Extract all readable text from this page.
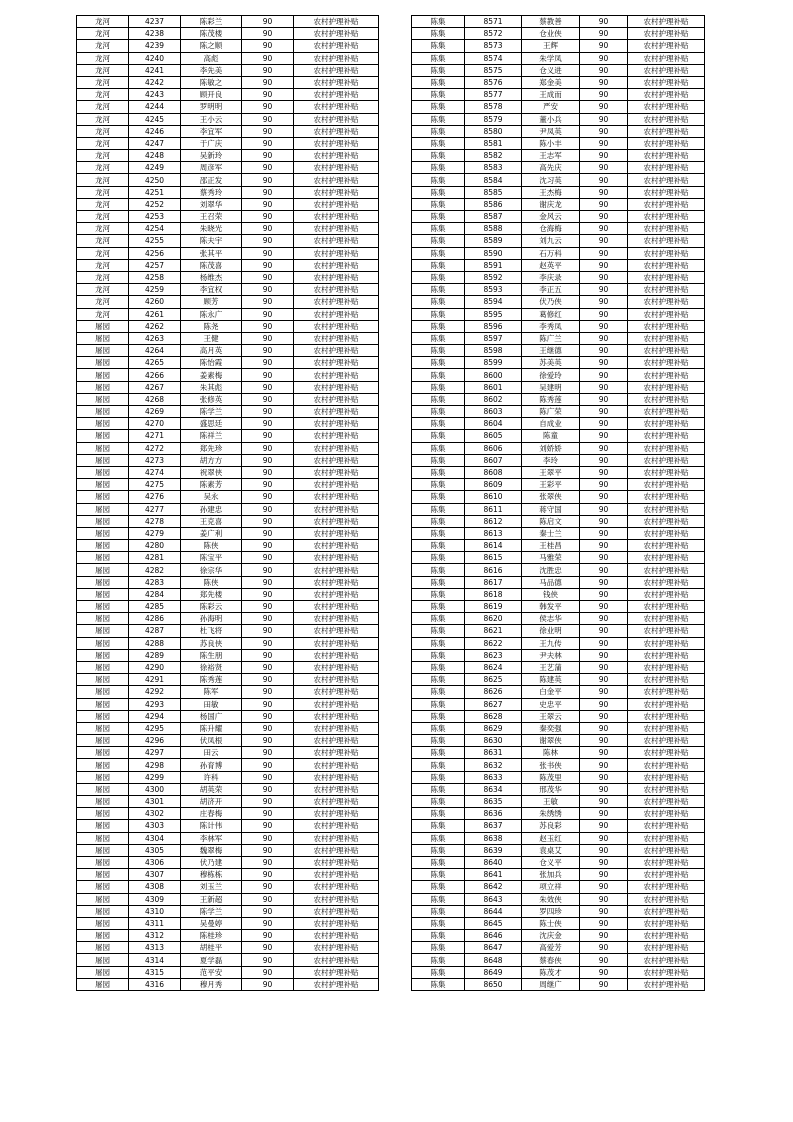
龙河	4237	陈彩兰	90	农村护理补贴
龙河	4238	陈茂楼	90	农村护理补贴
龙河	4239	陈之顺	90	农村护理补贴
龙河	4240	高彪	90	农村护理补贴
龙河	4241	李先美	90	农村护理补贴
龙河	4242	陈敏之	90	农村护理补贴
龙河	4243	顾开良	90	农村护理补贴
龙河	4244	罗明明	90	农村护理补贴
龙河	4245	王小云	90	农村护理补贴
龙河	4246	李宜军	90	农村护理补贴
龙河	4247	于广庆	90	农村护理补贴
龙河	4248	吴新玲	90	农村护理补贴
龙河	4249	周彦军	90	农村护理补贴
龙河	4250	邵正发	90	农村护理补贴
龙河	4251	蔡秀玲	90	农村护理补贴
龙河	4252	刘翠华	90	农村护理补贴
龙河	4253	王召荣	90	农村护理补贴
龙河	4254	朱晓光	90	农村护理补贴
龙河	4255	陈夫宇	90	农村护理补贴
龙河	4256	张其平	90	农村护理补贴
龙河	4257	陈茂喜	90	农村护理补贴
龙河	4258	杨维杰	90	农村护理补贴
龙河	4259	李宜权	90	农村护理补贴
龙河	4260	顾芳	90	农村护理补贴
龙河	4261	陈永广	90	农村护理补贴
屠园	4262	陈尧	90	农村护理补贴
屠园	4263	王健	90	农村护理补贴
屠园	4264	高月英	90	农村护理补贴
屠园	4265	陈怡霞	90	农村护理补贴
屠园	4266	姜素梅	90	农村护理补贴
屠园	4267	朱其彪	90	农村护理补贴
屠园	4268	张修英	90	农村护理补贴
屠园	4269	陈学兰	90	农村护理补贴
屠园	4270	盛思廷	90	农村护理补贴
屠园	4271	陈祥兰	90	农村护理补贴
屠园	4272	郑先珍	90	农村护理补贴
屠园	4273	胡方方	90	农村护理补贴
屠园	4274	祝翠侠	90	农村护理补贴
屠园	4275	陈素芳	90	农村护理补贴
屠园	4276	吴永	90	农村护理补贴
屠园	4277	孙建忠	90	农村护理补贴
屠园	4278	王克喜	90	农村护理补贴
屠园	4279	姜广利	90	农村护理补贴
屠园	4280	陈侠	90	农村护理补贴
屠园	4281	陈宝平	90	农村护理补贴
屠园	4282	徐宗华	90	农村护理补贴
屠园	4283	陈侠	90	农村护理补贴
屠园	4284	郑先楼	90	农村护理补贴
屠园	4285	陈彩云	90	农村护理补贴
屠园	4286	孙海明	90	农村护理补贴
屠园	4287	杜飞将	90	农村护理补贴
屠园	4288	苏良侠	90	农村护理补贴
屠园	4289	陈生朋	90	农村护理补贴
屠园	4290	徐裕贤	90	农村护理补贴
屠园	4291	陈秀莲	90	农村护理补贴
屠园	4292	陈军	90	农村护理补贴
屠园	4293	田敏	90	农村护理补贴
屠园	4294	杨国广	90	农村护理补贴
屠园	4295	陈升耀	90	农村护理补贴
屠园	4296	伏凤根	90	农村护理补贴
屠园	4297	田云	90	农村护理补贴
屠园	4298	孙育博	90	农村护理补贴
屠园	4299	许科	90	农村护理补贴
屠园	4300	胡英荣	90	农村护理补贴
屠园	4301	胡济开	90	农村护理补贴
屠园	4302	庄春梅	90	农村护理补贴
屠园	4303	陈计伟	90	农村护理补贴
屠园	4304	李林军	90	农村护理补贴
屠园	4305	魏翠梅	90	农村护理补贴
屠园	4306	伏乃建	90	农村护理补贴
屠园	4307	穆栋栋	90	农村护理补贴
屠园	4308	刘玉兰	90	农村护理补贴
屠园	4309	王新超	90	农村护理补贴
屠园	4310	陈学兰	90	农村护理补贴
屠园	4311	吴曼婷	90	农村护理补贴
屠园	4312	陈桂珍	90	农村护理补贴
屠园	4313	胡桂平	90	农村护理补贴
屠园	4314	夏学磊	90	农村护理补贴
屠园	4315	范平安	90	农村护理补贴
屠园	4316	穆月秀	90	农村护理补贴
陈集	8571	蔡教善	90	农村护理补贴
陈集	8572	仓业侠	90	农村护理补贴
陈集	8573	王辉	90	农村护理补贴
陈集	8574	朱学凤	90	农村护理补贴
陈集	8575	仓义进	90	农村护理补贴
陈集	8576	郑金美	90	农村护理补贴
陈集	8577	王成而	90	农村护理补贴
陈集	8578	严安	90	农村护理补贴
陈集	8579	董小兵	90	农村护理补贴
陈集	8580	尹凤英	90	农村护理补贴
陈集	8581	陈小丰	90	农村护理补贴
陈集	8582	王志军	90	农村护理补贴
陈集	8583	高先庆	90	农村护理补贴
陈集	8584	沈习英	90	农村护理补贴
陈集	8585	王杰梅	90	农村护理补贴
陈集	8586	谢庆龙	90	农村护理补贴
陈集	8587	金风云	90	农村护理补贴
陈集	8588	仓海梅	90	农村护理补贴
陈集	8589	刘九云	90	农村护理补贴
陈集	8590	石万科	90	农村护理补贴
陈集	8591	赵英平	90	农村护理补贴
陈集	8592	李庆录	90	农村护理补贴
陈集	8593	李正五	90	农村护理补贴
陈集	8594	伏乃侠	90	农村护理补贴
陈集	8595	葛修红	90	农村护理补贴
陈集	8596	李秀凤	90	农村护理补贴
陈集	8597	陈广兰	90	农村护理补贴
陈集	8598	王继德	90	农村护理补贴
陈集	8599	苏美英	90	农村护理补贴
陈集	8600	徐爱玲	90	农村护理补贴
陈集	8601	吴建明	90	农村护理补贴
陈集	8602	陈秀莲	90	农村护理补贴
陈集	8603	陈广荣	90	农村护理补贴
陈集	8604	自成业	90	农村护理补贴
陈集	8605	陈童	90	农村护理补贴
陈集	8606	刘娇娇	90	农村护理补贴
陈集	8607	李玲	90	农村护理补贴
陈集	8608	王翠平	90	农村护理补贴
陈集	8609	王彩平	90	农村护理补贴
陈集	8610	张翠侠	90	农村护理补贴
陈集	8611	蒋守国	90	农村护理补贴
陈集	8612	陈启文	90	农村护理补贴
陈集	8613	秦士兰	90	农村护理补贴
陈集	8614	王桂昌	90	农村护理补贴
陈集	8615	马雅荣	90	农村护理补贴
陈集	8616	沈胜忠	90	农村护理补贴
陈集	8617	马品德	90	农村护理补贴
陈集	8618	钱侠	90	农村护理补贴
陈集	8619	韩发平	90	农村护理补贴
陈集	8620	侯志华	90	农村护理补贴
陈集	8621	徐业明	90	农村护理补贴
陈集	8622	王九传	90	农村护理补贴
陈集	8623	尹夫林	90	农村护理补贴
陈集	8624	王艺蒲	90	农村护理补贴
陈集	8625	陈建英	90	农村护理补贴
陈集	8626	白金平	90	农村护理补贴
陈集	8627	史忠平	90	农村护理补贴
陈集	8628	王翠云	90	农村护理补贴
陈集	8629	秦奕强	90	农村护理补贴
陈集	8630	谢翠侠	90	农村护理补贴
陈集	8631	陈林	90	农村护理补贴
陈集	8632	张书侠	90	农村护理补贴
陈集	8633	陈茂里	90	农村护理补贴
陈集	8634	邢茂华	90	农村护理补贴
陈集	8635	王敏	90	农村护理补贴
陈集	8636	朱绣绣	90	农村护理补贴
陈集	8637	苏良彩	90	农村护理补贴
陈集	8638	赵玉红	90	农村护理补贴
陈集	8639	袁桌艾	90	农村护理补贴
陈集	8640	仓义平	90	农村护理补贴
陈集	8641	张加兵	90	农村护理补贴
陈集	8642	项立祥	90	农村护理补贴
陈集	8643	朱效侠	90	农村护理补贴
陈集	8644	罗四珍	90	农村护理补贴
陈集	8645	陈士侠	90	农村护理补贴
陈集	8646	沈庆金	90	农村护理补贴
陈集	8647	高爱芳	90	农村护理补贴
陈集	8648	蔡春侠	90	农村护理补贴
陈集	8649	陈茂才	90	农村护理补贴
陈集	8650	周继广	90	农村护理补贴
